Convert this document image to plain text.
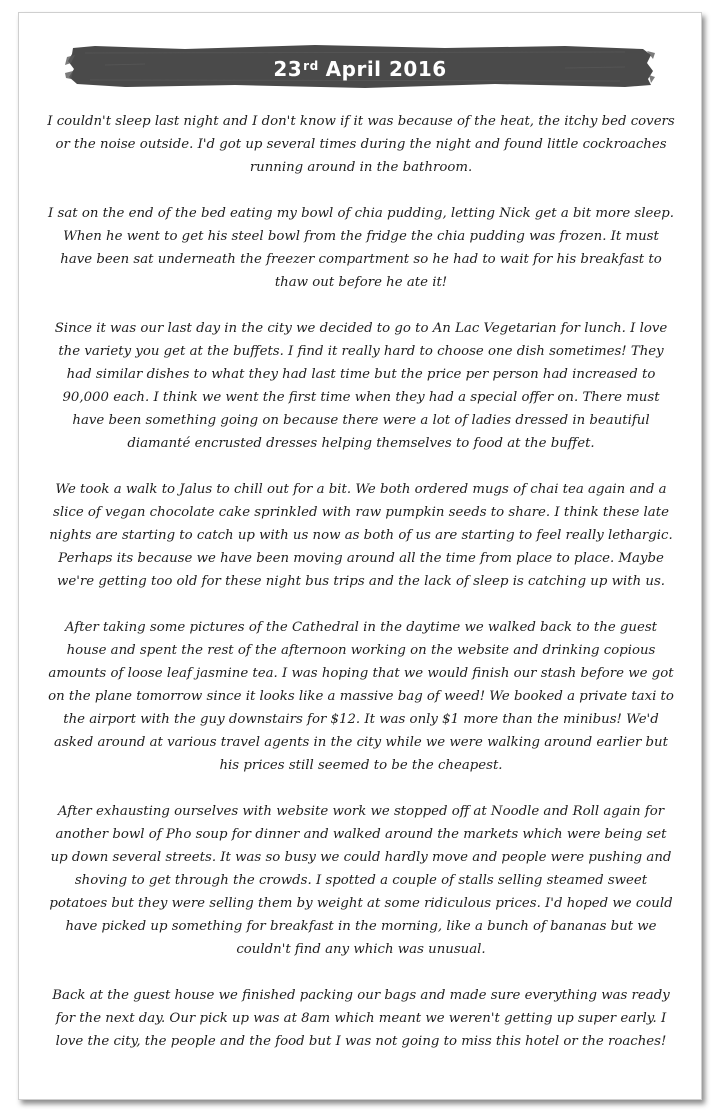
23rd April 2016

I couldn't sleep last night and I don't know if it was because of the heat, the itchy bed covers or the noise outside. I'd got up several times during the night and found little cockroaches running around in the bathroom.

I sat on the end of the bed eating my bowl of chia pudding, letting Nick get a bit more sleep. When he went to get his steel bowl from the fridge the chia pudding was frozen. It must have been sat underneath the freezer compartment so he had to wait for his breakfast to thaw out before he ate it!

Since it was our last day in the city we decided to go to An Lac Vegetarian for lunch. I love the variety you get at the buffets. I find it really hard to choose one dish sometimes! They had similar dishes to what they had last time but the price per person had increased to 90,000 each. I think we went the first time when they had a special offer on. There must have been something going on because there were a lot of ladies dressed in beautiful diamanté encrusted dresses helping themselves to food at the buffet.

We took a walk to Jalus to chill out for a bit. We both ordered mugs of chai tea again and a slice of vegan chocolate cake sprinkled with raw pumpkin seeds to share. I think these late nights are starting to catch up with us now as both of us are starting to feel really lethargic. Perhaps its because we have been moving around all the time from place to place. Maybe we're getting too old for these night bus trips and the lack of sleep is catching up with us.

After taking some pictures of the Cathedral in the daytime we walked back to the guest house and spent the rest of the afternoon working on the website and drinking copious amounts of loose leaf jasmine tea. I was hoping that we would finish our stash before we got on the plane tomorrow since it looks like a massive bag of weed! We booked a private taxi to the airport with the guy downstairs for $12. It was only $1 more than the minibus! We'd asked around at various travel agents in the city while we were walking around earlier but his prices still seemed to be the cheapest.

After exhausting ourselves with website work we stopped off at Noodle and Roll again for another bowl of Pho soup for dinner and walked around the markets which were being set up down several streets. It was so busy we could hardly move and people were pushing and shoving to get through the crowds. I spotted a couple of stalls selling steamed sweet potatoes but they were selling them by weight at some ridiculous prices. I'd hoped we could have picked up something for breakfast in the morning, like a bunch of bananas but we couldn't find any which was unusual.

Back at the guest house we finished packing our bags and made sure everything was ready for the next day. Our pick up was at 8am which meant we weren't getting up super early. I love the city, the people and the food but I was not going to miss this hotel or the roaches!
